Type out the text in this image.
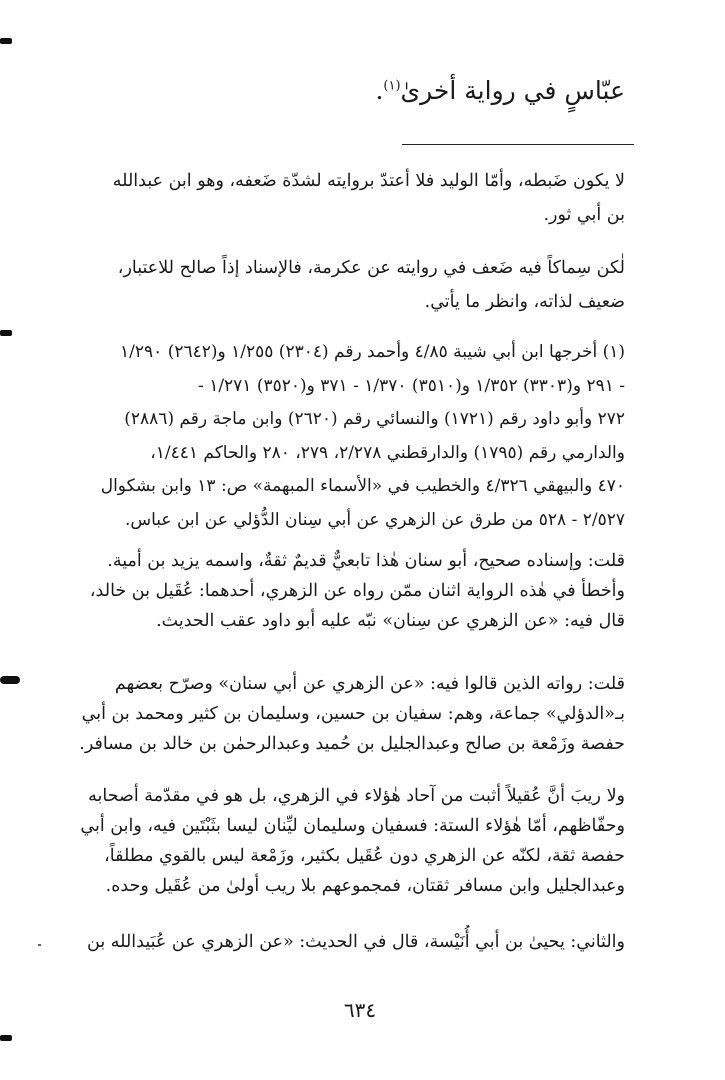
عبّاسٍ في رواية أخرىٰ$^{(١)}$.
لا يكون ضَبطه، وأمّا الوليد فلا أعتدّ بروايته لشدّة ضَعفه، وهو ابن عبدالله
بن أبي ثور.
لٰكن سِماكاً فيه ضَعف في روايته عن عكرمة، فالإسناد إذاً صالح للاعتبار،
ضعيف لذاته، وانظر ما يأتي.
(١) أخرجها ابن أبي شيبة ٤/٨٥ وأحمد رقم (٢٣٠٤) ١/٢٥٥ و(٢٦٤٢) ١/٢٩٠
- ٢٩١ و(٣٣٠٣) ١/٣٥٢ و(٣٥١٠) ١/٣٧٠ - ٣٧١ و(٣٥٢٠) ١/٢٧١ -
٢٧٢ وأبو داود رقم (١٧٢١) والنسائي رقم (٢٦٢٠) وابن ماجة رقم (٢٨٨٦)
والدارمي رقم (١٧٩٥) والدارقطني ٢/٢٧٨، ٢٧٩، ٢٨٠ والحاكم ١/٤٤١،
٤٧٠ والبيهقي ٤/٣٢٦ والخطيب في «الأسماء المبهمة» ص: ١٣ وابن بشكوال
٢/٥٢٧ - ٥٢٨ من طرق عن الزهري عن أبي سِنان الدُّؤلي عن ابن عباس.
قلت: وإسناده صحيح، أبو سنان هٰذا تابعيٌّ قديمٌ ثقةٌ، واسمه يزيد بن أمية.
وأخطأ في هٰذه الرواية اثنان ممّن رواه عن الزهري، أحدهما: عُقَيل بن خالد،
قال فيه: «عن الزهري عن سِنان» نبّه عليه أبو داود عقب الحديث.
قلت: رواته الذين قالوا فيه: «عن الزهري عن أبي سنان» وصرّح بعضهم
بـ«الدؤلي» جماعة، وهم: سفيان بن حسين، وسليمان بن كثير ومحمد بن أبي
حفصة وزَمْعة بن صالح وعبدالجليل بن حُميد وعبدالرحمٰن بن خالد بن مسافر.
ولا ريبَ أنَّ عُقيلاً أثبت من آحاد هٰؤلاء في الزهري، بل هو في مقدّمة أصحابه
وحفّاظهم، أمّا هٰؤلاء الستة: فسفيان وسليمان ليِّنان ليسا بثَبْتَين فيه، وابن أبي
حفصة ثقة، لكنّه عن الزهري دون عُقَيل بكثير، وزَمْعة ليس بالقوي مطلقاً،
وعبدالجليل وابن مسافر ثقتان، فمجموعهم بلا ريب أولىٰ من عُقَيل وحده.
والثاني: يحيىٰ بن أبي أُنَيْسة، قال في الحديث: «عن الزهري عن عُبَيدالله بن
٦٣٤
